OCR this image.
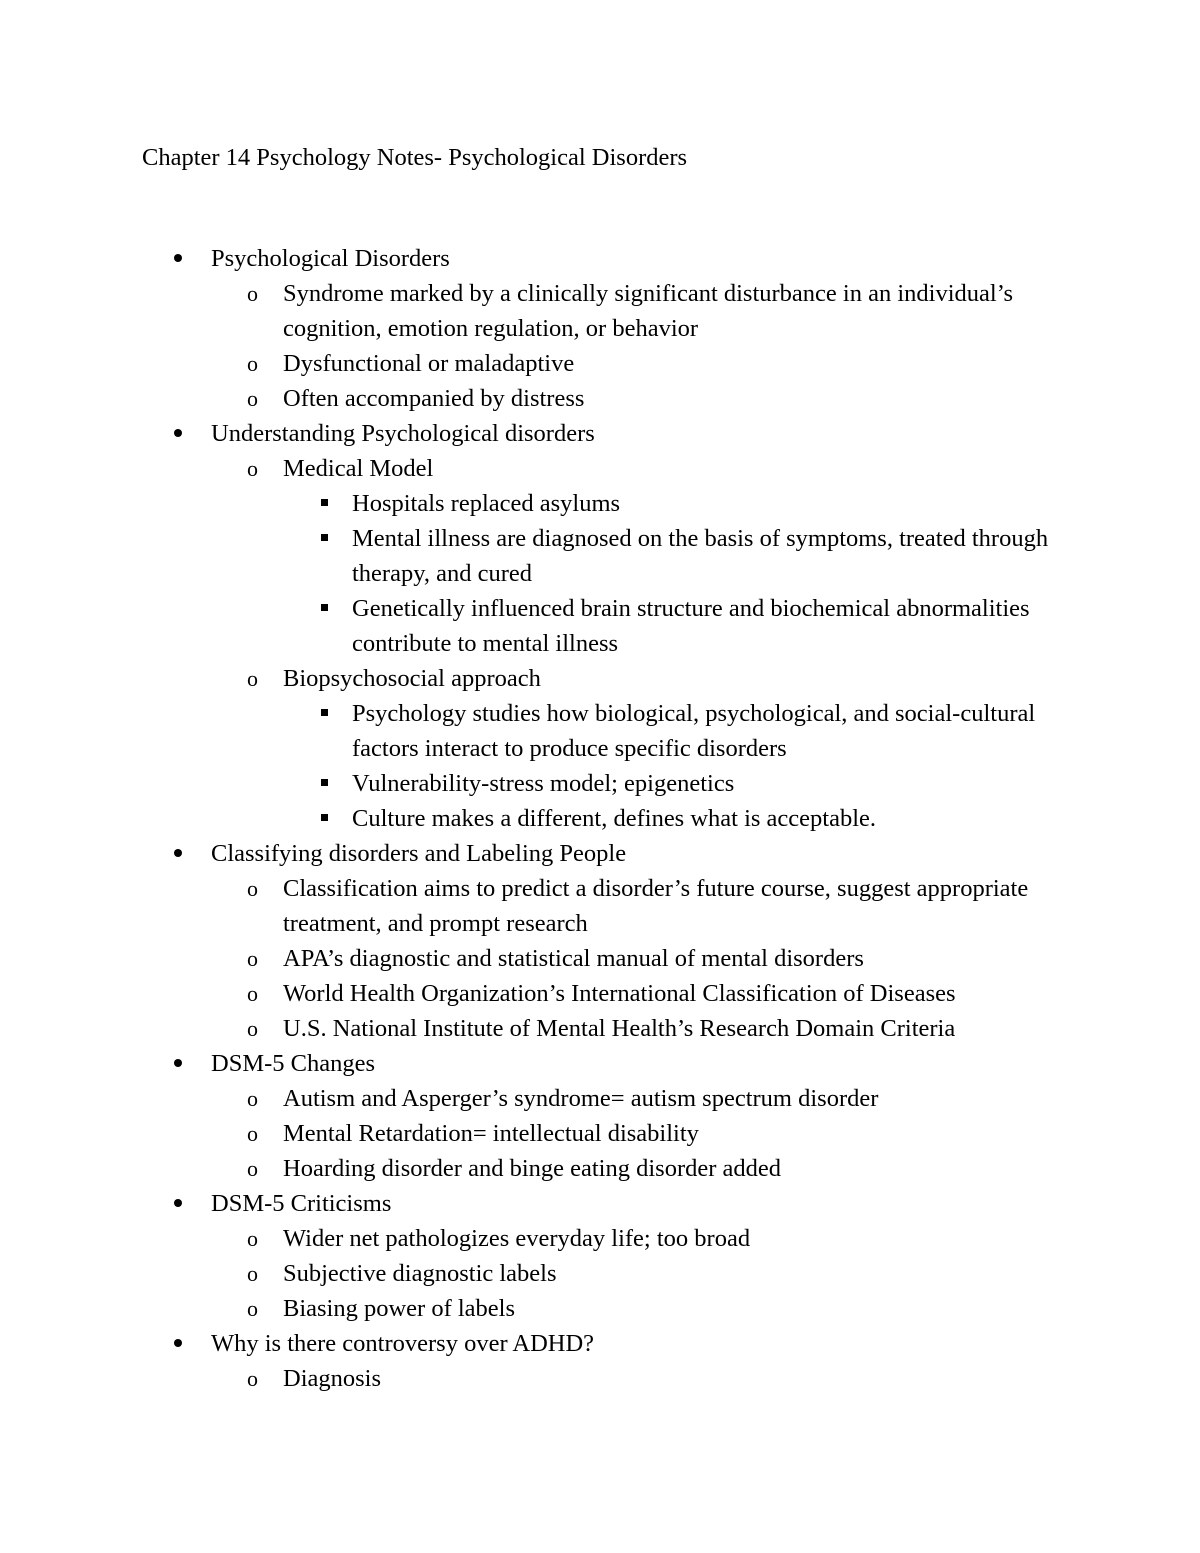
Chapter 14 Psychology Notes- Psychological Disorders
Psychological Disorders
o	Syndrome marked by a clinically significant disturbance in an individual’s cognition, emotion regulation, or behavior
o	Dysfunctional or maladaptive
o	Often accompanied by distress
Understanding Psychological disorders
o	Medical Model
Hospitals replaced asylums
Mental illness are diagnosed on the basis of symptoms, treated through therapy, and cured
Genetically influenced brain structure and biochemical abnormalities contribute to mental illness
o	Biopsychosocial approach
Psychology studies how biological, psychological, and social-cultural factors interact to produce specific disorders
Vulnerability-stress model; epigenetics
Culture makes a different, defines what is acceptable.
Classifying disorders and Labeling People
o	Classification aims to predict a disorder’s future course, suggest appropriate treatment, and prompt research
o	APA’s diagnostic and statistical manual of mental disorders
o	World Health Organization’s International Classification of Diseases
o	U.S. National Institute of Mental Health’s Research Domain Criteria
DSM-5 Changes
o	Autism and Asperger’s syndrome= autism spectrum disorder
o	Mental Retardation= intellectual disability
o	Hoarding disorder and binge eating disorder added
DSM-5 Criticisms
o	Wider net pathologizes everyday life; too broad
o	Subjective diagnostic labels
o	Biasing power of labels
Why is there controversy over ADHD?
o	Diagnosis
